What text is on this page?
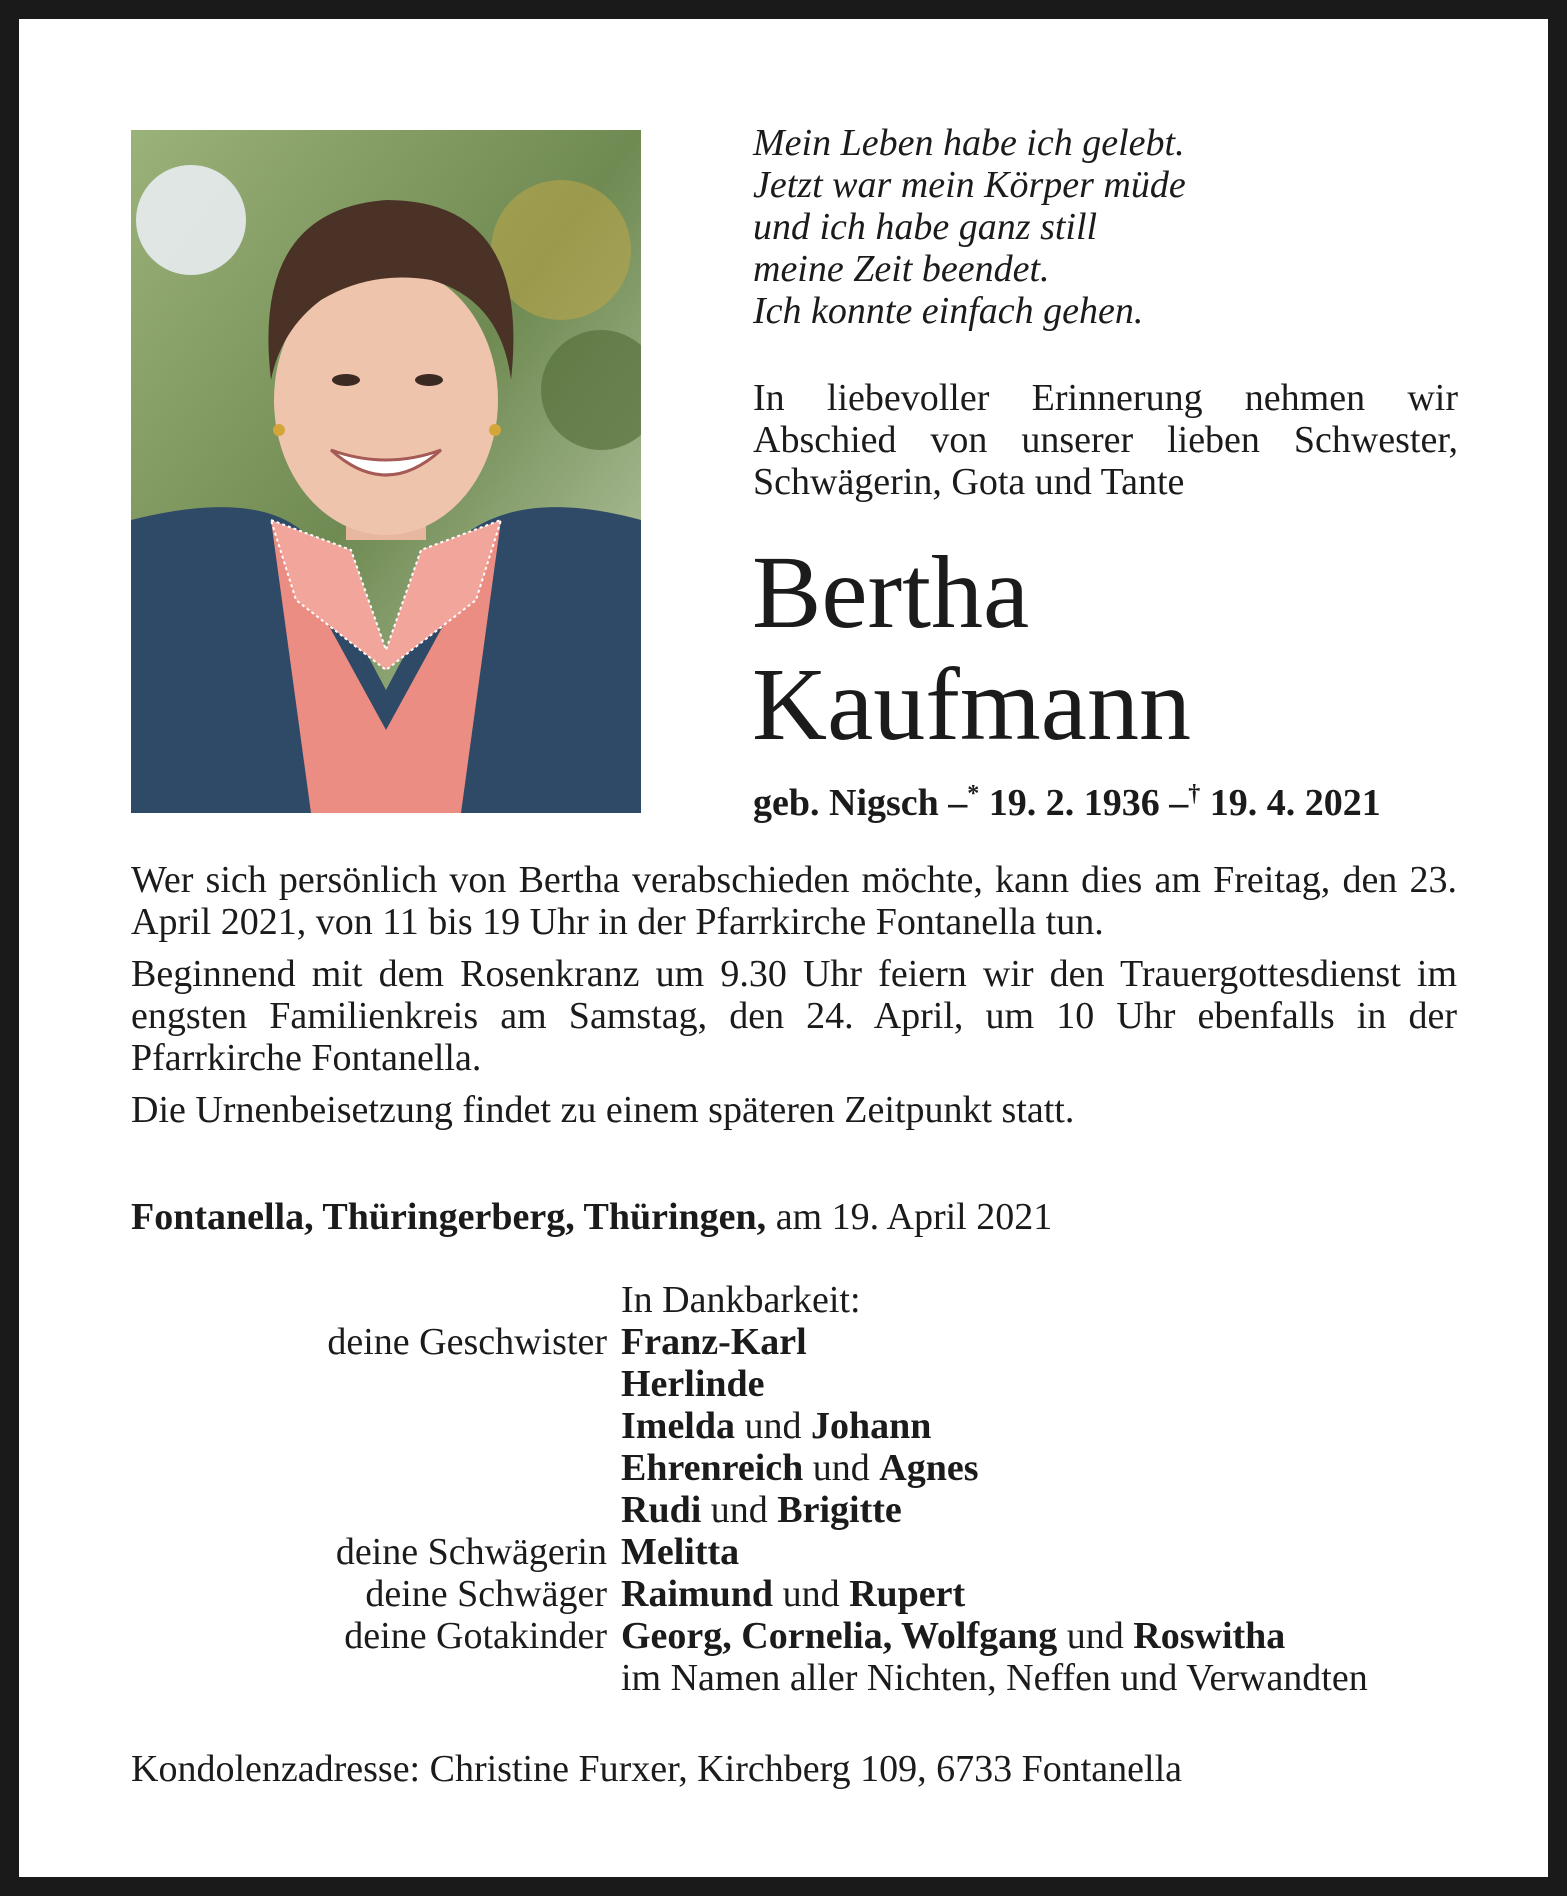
Mein Leben habe ich gelebt.
Jetzt war mein Körper müde
und ich habe ganz still
meine Zeit beendet.
Ich konnte einfach gehen.
In liebevoller Erinnerung nehmen wir Abschied von unserer lieben Schwester, Schwägerin, Gota und Tante
Bertha
Kaufmann
geb. Nigsch –* 19. 2. 1936 –† 19. 4. 2021

Wer sich persönlich von Bertha verabschieden möchte, kann dies am Freitag, den 23. April 2021, von 11 bis 19 Uhr in der Pfarrkirche Fontanella tun.

Beginnend mit dem Rosenkranz um 9.30 Uhr feiern wir den Trauergottesdienst im engsten Familienkreis am Samstag, den 24. April, um 10 Uhr ebenfalls in der Pfarrkirche Fontanella.

Die Urnenbeisetzung findet zu einem späteren Zeitpunkt statt.

Fontanella, Thüringerberg, Thüringen, am 19. April 2021
In Dankbarkeit:
deine Geschwister Franz-Karl
Herlinde
Imelda und Johann
Ehrenreich und Agnes
Rudi und Brigitte
deine Schwägerin Melitta
deine Schwäger Raimund und Rupert
deine Gotakinder Georg, Cornelia, Wolfgang und Roswitha
im Namen aller Nichten, Neffen und Verwandten
Kondolenzadresse: Christine Furxer, Kirchberg 109, 6733 Fontanella
